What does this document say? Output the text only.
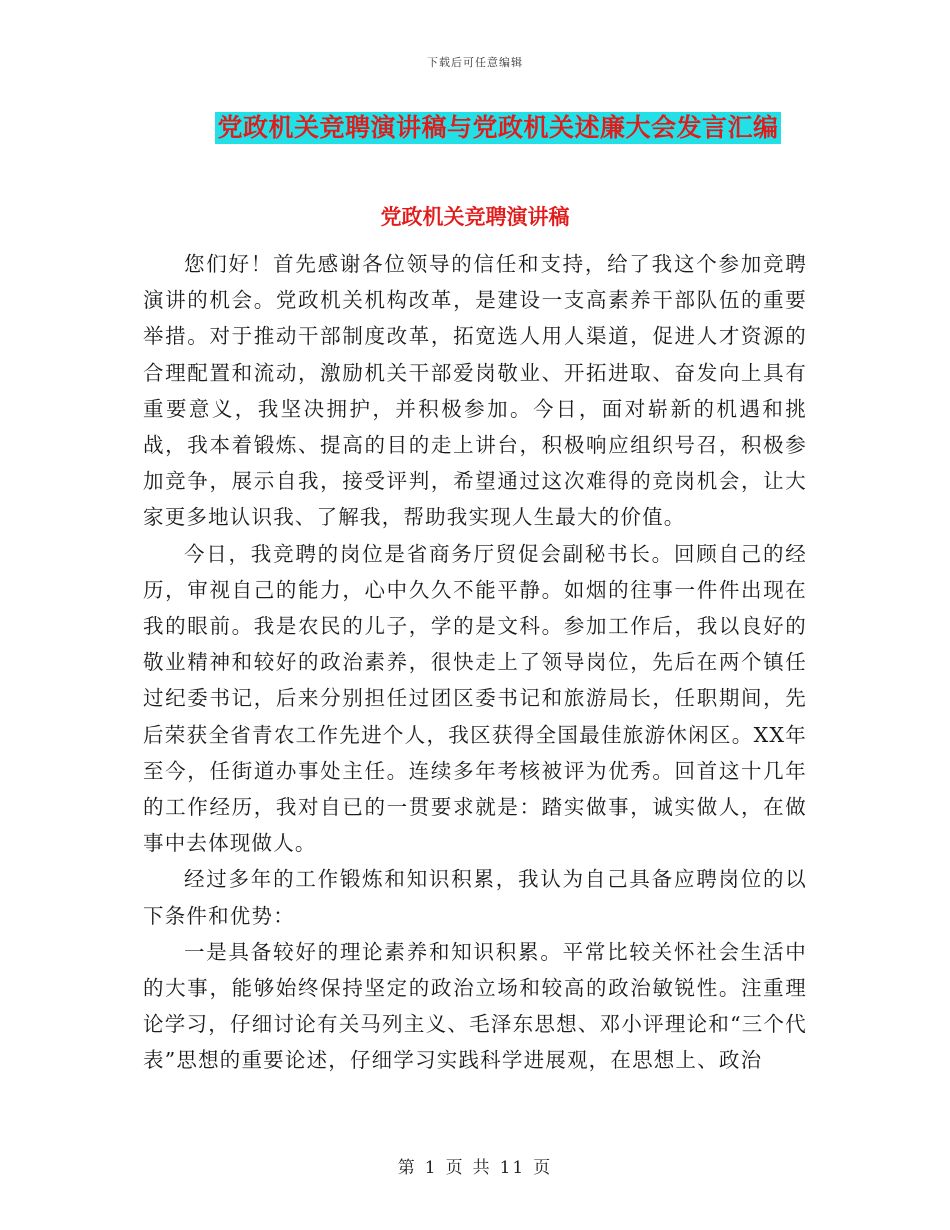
下载后可任意编辑
党政机关竞聘演讲稿与党政机关述廉大会发言汇编
党政机关竞聘演讲稿

您们好！首先感谢各位领导的信任和支持，给了我这个参加竞聘演讲的机会。党政机关机构改革，是建设一支高素养干部队伍的重要举措。对于推动干部制度改革，拓宽选人用人渠道，促进人才资源的合理配置和流动，激励机关干部爱岗敬业、开拓进取、奋发向上具有重要意义，我坚决拥护，并积极参加。今日，面对崭新的机遇和挑战，我本着锻炼、提高的目的走上讲台，积极响应组织号召，积极参加竞争，展示自我，接受评判，希望通过这次难得的竞岗机会，让大家更多地认识我、了解我，帮助我实现人生最大的价值。

今日，我竞聘的岗位是省商务厅贸促会副秘书长。回顾自己的经历，审视自己的能力，心中久久不能平静。如烟的往事一件件出现在我的眼前。我是农民的儿子，学的是文科。参加工作后，我以良好的敬业精神和较好的政治素养，很快走上了领导岗位，先后在两个镇任过纪委书记，后来分别担任过团区委书记和旅游局长，任职期间，先后荣获全省青农工作先进个人，我区获得全国最佳旅游休闲区。XX年至今，任街道办事处主任。连续多年考核被评为优秀。回首这十几年的工作经历，我对自已的一贯要求就是：踏实做事，诚实做人，在做事中去体现做人。

经过多年的工作锻炼和知识积累，我认为自己具备应聘岗位的以下条件和优势：

一是具备较好的理论素养和知识积累。平常比较关怀社会生活中的大事，能够始终保持坚定的政治立场和较高的政治敏锐性。注重理论学习，仔细讨论有关马列主义、毛泽东思想、邓小评理论和“三个代表”思想的重要论述，仔细学习实践科学进展观，在思想上、政治

第 1 页 共 11 页
